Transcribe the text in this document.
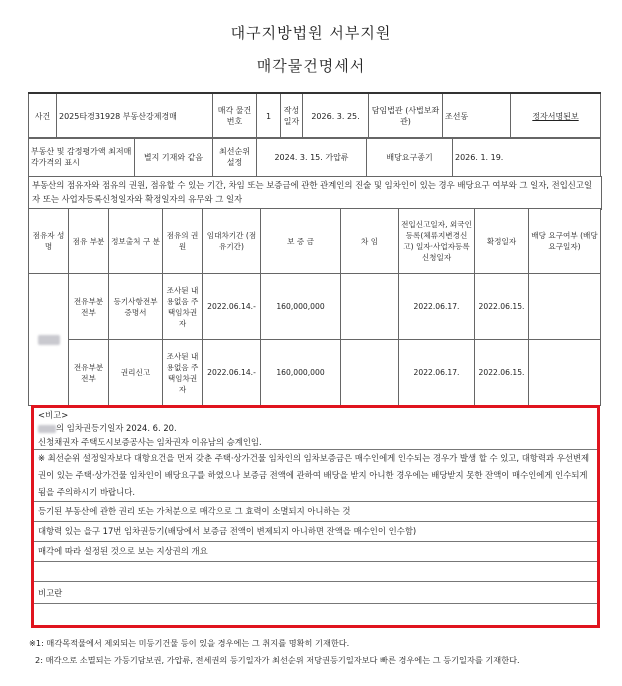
대구지방법원 서부지원
매각물건명세서
사건	2025타경31928 부동산강제경매	매각 물건번호	1	작성 일자	2026. 3. 25.	담임법관 (사법보좌관)	조선동	정자서명된보
부동산 및 감정평가액 최저매각가격의 표시	별지 기재와 같음	최선순위 설정	2024. 3. 15. 가압류	배당요구종기	2026. 1. 19.
부동산의 점유자와 점유의 권원, 점유할 수 있는 기간, 차임 또는 보증금에 관한 관계인의 진술 및 임차인이 있는 경우 배당요구 여부와 그 일자, 전입신고일자 또는 사업자등록신청일자와 확정일자의 유무와 그 일자
점유자 성 명	점유 부분	정보출처 구 분	점유의 권 원	임대차기간 (점유기간)	보 증 금	차 임	전입신고일자, 외국인등록(체류지변경신고) 일자·사업자등록 신청일자	확정일자	배당 요구여부 (배당요구일자)
	전유부분 전부	등기사항전부증명서	조사된 내용없음 주택임차권자	2022.06.14.-	160,000,000		2022.06.17.	2022.06.15.	
	전유부분 전부	권리신고	조사된 내용없음 주택임차권자	2022.06.14.-	160,000,000		2022.06.17.	2022.06.15.	
<비고>
의 임차권등기일자 2024. 6. 20.
신청채권자 주택도시보증공사는 임차권자 이유남의 승계인임.
※ 최선순위 설정일자보다 대항요건을 먼저 갖춘 주택·상가건물 임차인의 임차보증금은 매수인에게 인수되는 경우가 발생 할 수 있고, 대항력과 우선변제권이 있는 주택·상가건물 임차인이 배당요구를 하였으나 보증금 전액에 관하여 배당을 받지 아니한 경우에는 배당받지 못한 잔액이 매수인에게 인수되게 됨을 주의하시기 바랍니다.
등기된 부동산에 관한 권리 또는 가처분으로 매각으로 그 효력이 소멸되지 아니하는 것
대항력 있는 을구 17번 임차권등기(배당에서 보증금 전액이 변제되지 아니하면 잔액을 매수인이 인수함)
매각에 따라 설정된 것으로 보는 지상권의 개요
비고란
※1: 매각목적물에서 제외되는 미등기건물 등이 있을 경우에는 그 취지를 명확히 기재한다.
2: 매각으로 소멸되는 가등기담보권, 가압류, 전세권의 등기일자가 최선순위 저당권등기일자보다 빠른 경우에는 그 등기일자를 기재한다.
